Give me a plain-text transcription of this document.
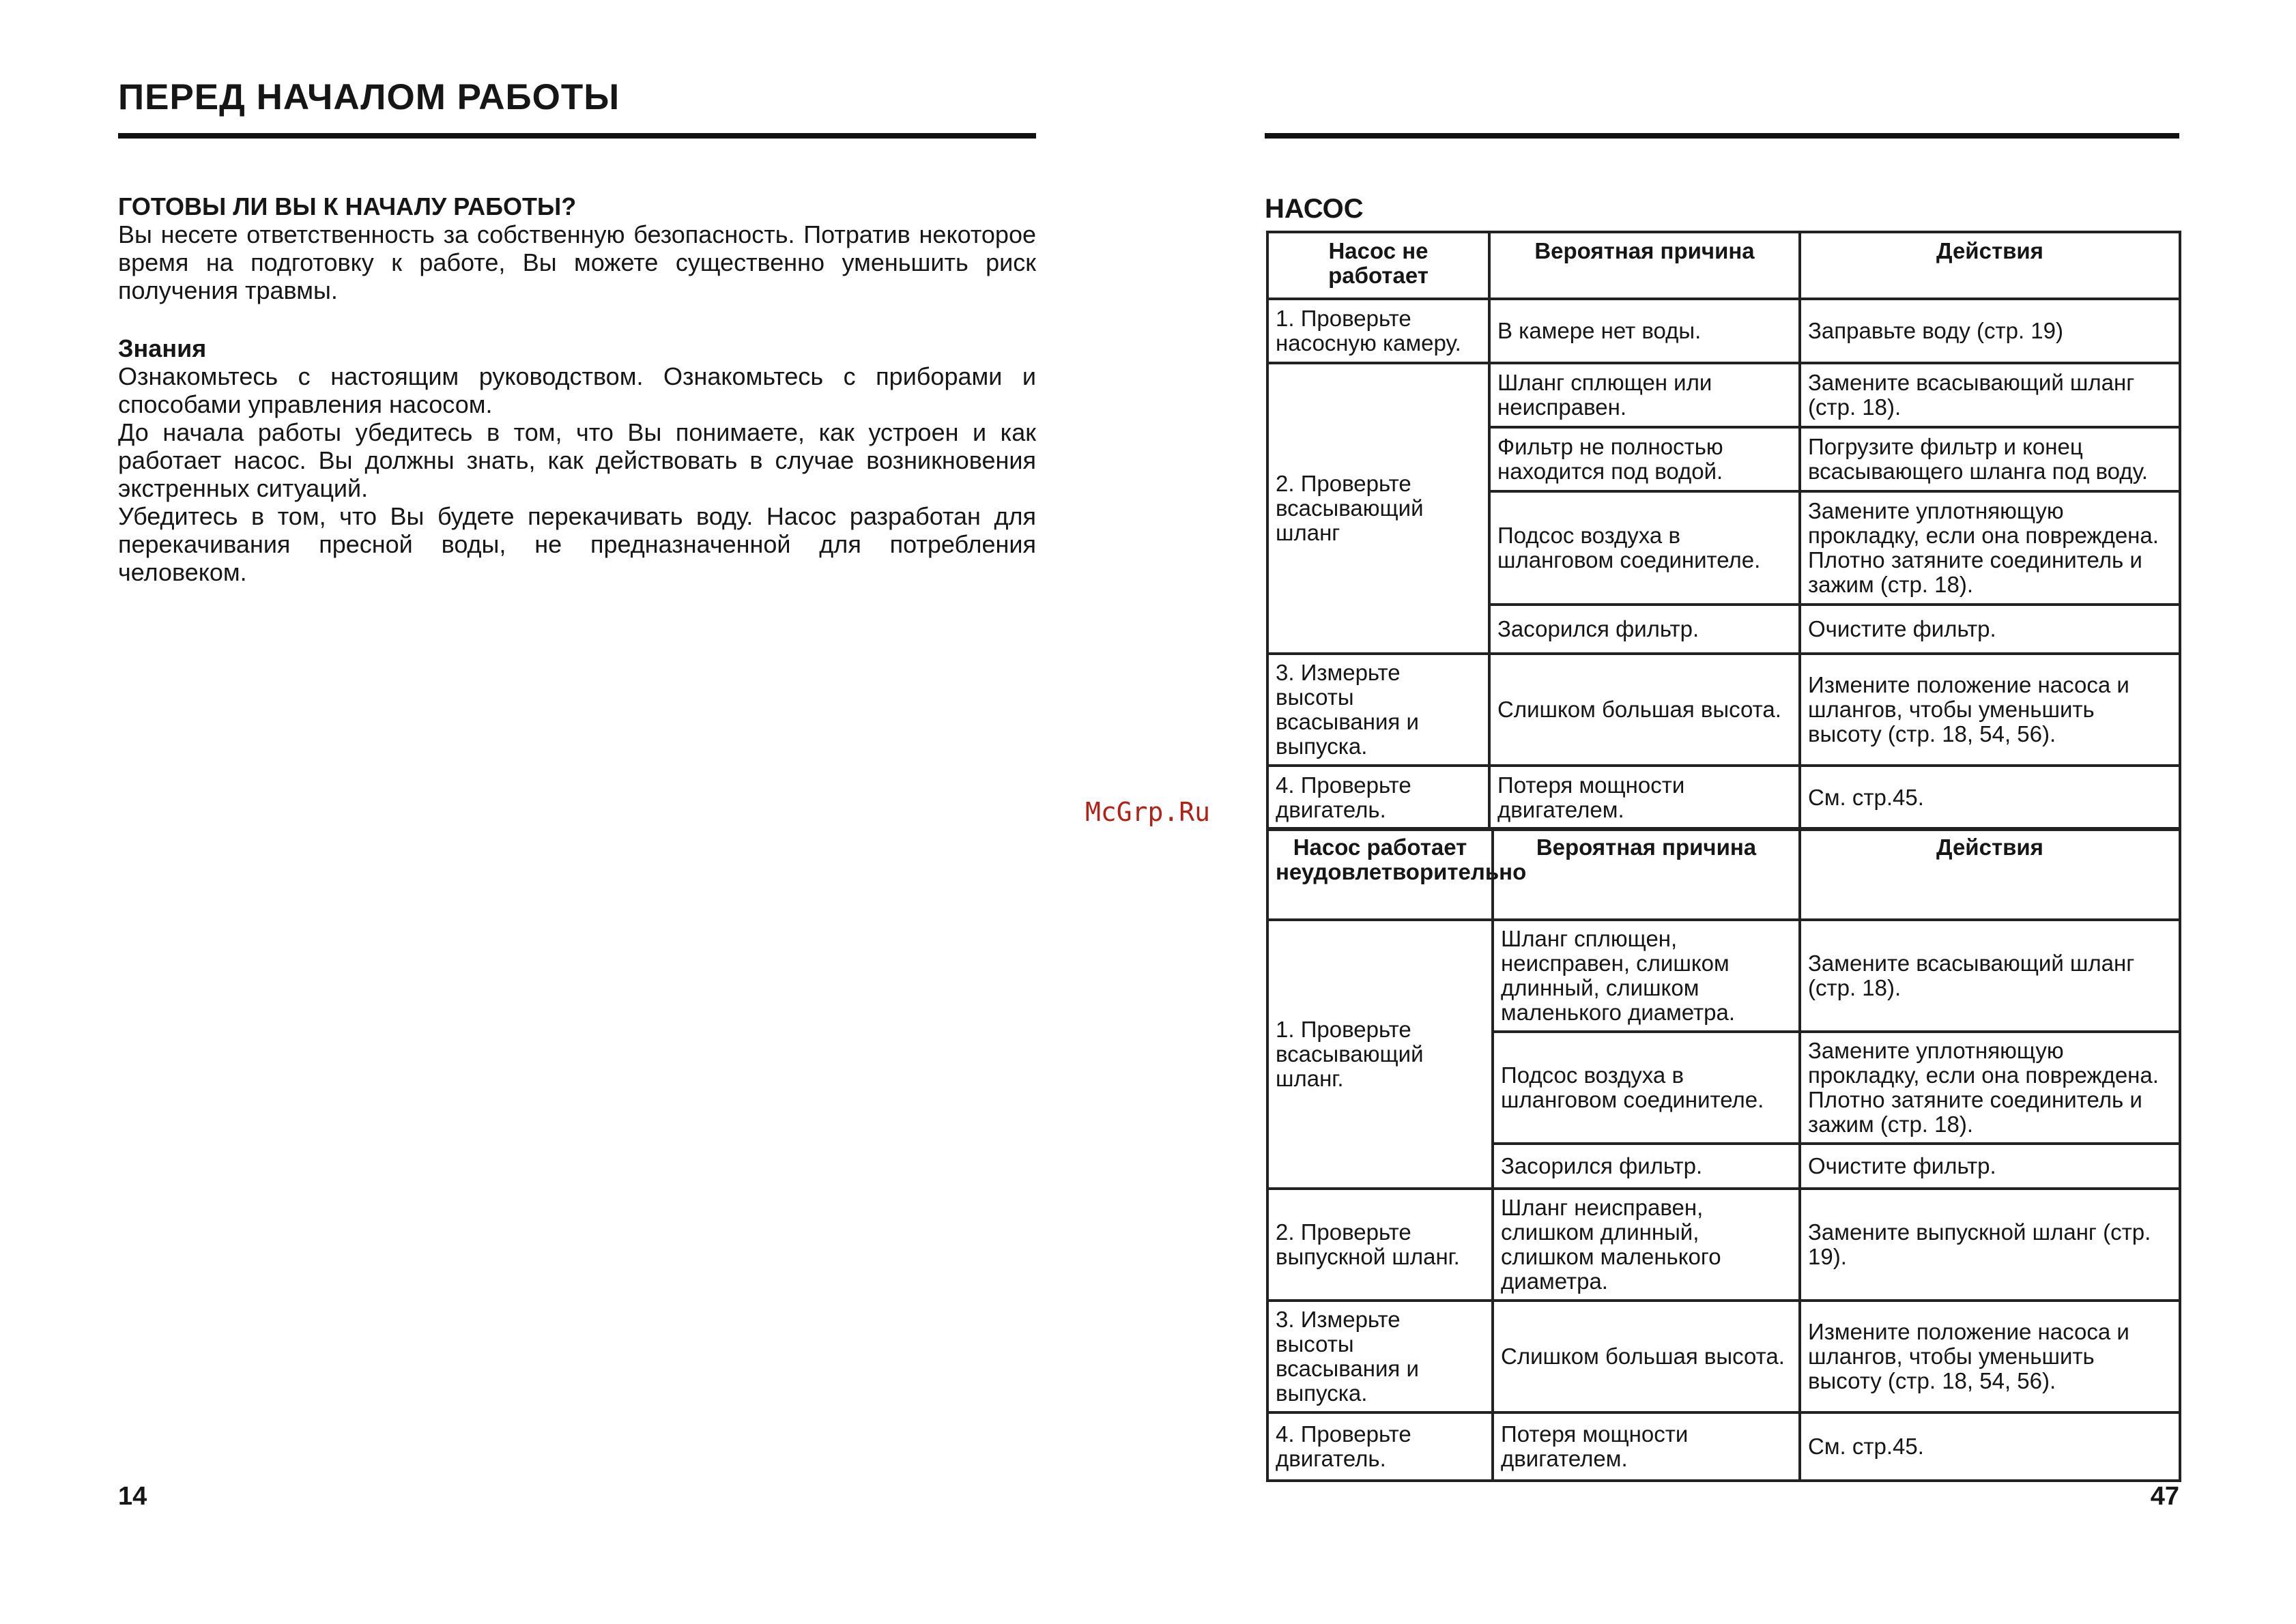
ПЕРЕД НАЧАЛОМ РАБОТЫ

ГОТОВЫ ЛИ ВЫ К НАЧАЛУ РАБОТЫ?

Вы несете ответственность за собственную безопасность. Потратив некоторое время на подготовку к работе, Вы можете существенно уменьшить риск получения травмы.

Знания

Ознакомьтесь с настоящим руководством. Ознакомьтесь с приборами и способами управления насосом.

До начала работы убедитесь в том, что Вы понимаете, как устроен и как работает насос. Вы должны знать, как действовать в случае возникновения экстренных ситуаций.

Убедитесь в том, что Вы будете перекачивать воду. Насос разработан для перекачивания пресной воды, не предназначенной для потребления человеком.

14
McGrp.Ru
НАСОС
Насос не работает	Вероятная причина	Действия
1. Проверьте насосную камеру.	В камере нет воды.	Заправьте воду (стр. 19)
2. Проверьте всасывающий шланг	Шланг сплющен или неисправен.	Замените всасывающий шланг (стр. 18).
	Фильтр не полностью находится под водой.	Погрузите фильтр и конец всасывающего шланга под воду.
	Подсос воздуха в шланговом соединителе.	Замените уплотняющую прокладку, если она повреждена. Плотно затяните соединитель и зажим (стр. 18).
	Засорился фильтр.	Очистите фильтр.
3. Измерьте высоты всасывания и выпуска.	Слишком большая высота.	Измените положение насоса и шлангов, чтобы уменьшить высоту (стр. 18, 54, 56).
4. Проверьте двигатель.	Потеря мощности двигателем.	См. стр.45.
Насос работает неудовлетворительно	Вероятная причина	Действия
1. Проверьте всасывающий шланг.	Шланг сплющен, неисправен, слишком длинный, слишком маленького диаметра.	Замените всасывающий шланг (стр. 18).
	Подсос воздуха в шланговом соединителе.	Замените уплотняющую прокладку, если она повреждена. Плотно затяните соединитель и зажим (стр. 18).
	Засорился фильтр.	Очистите фильтр.
2. Проверьте выпускной шланг.	Шланг неисправен, слишком длинный, слишком маленького диаметра.	Замените выпускной шланг (стр. 19).
3. Измерьте высоты всасывания и выпуска.	Слишком большая высота.	Измените положение насоса и шлангов, чтобы уменьшить высоту (стр. 18, 54, 56).
4. Проверьте двигатель.	Потеря мощности двигателем.	См. стр.45.
47
